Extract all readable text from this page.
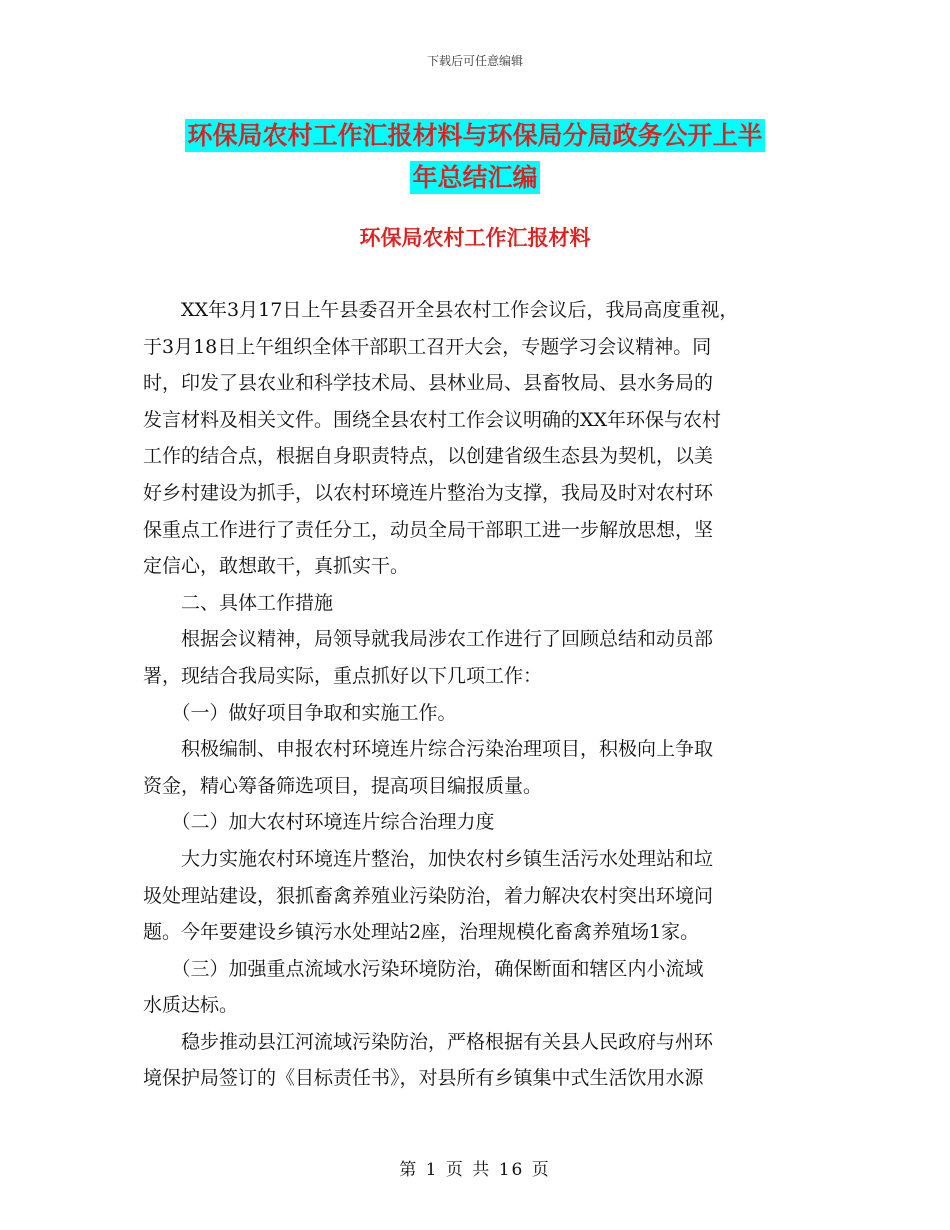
下载后可任意编辑
环保局农村工作汇报材料与环保局分局政务公开上半
年总结汇编
环保局农村工作汇报材料
　　XX年3月17日上午县委召开全县农村工作会议后，我局高度重视，
于3月18日上午组织全体干部职工召开大会，专题学习会议精神。同
时，印发了县农业和科学技术局、县林业局、县畜牧局、县水务局的
发言材料及相关文件。围绕全县农村工作会议明确的XX年环保与农村
工作的结合点，根据自身职责特点，以创建省级生态县为契机，以美
好乡村建设为抓手，以农村环境连片整治为支撑，我局及时对农村环
保重点工作进行了责任分工，动员全局干部职工进一步解放思想，坚
定信心，敢想敢干，真抓实干。
　　二、具体工作措施
　　根据会议精神，局领导就我局涉农工作进行了回顾总结和动员部
署，现结合我局实际，重点抓好以下几项工作：
　　（一）做好项目争取和实施工作。
　　积极编制、申报农村环境连片综合污染治理项目，积极向上争取
资金，精心筹备筛选项目，提高项目编报质量。
　　（二）加大农村环境连片综合治理力度
　　大力实施农村环境连片整治，加快农村乡镇生活污水处理站和垃
圾处理站建设，狠抓畜禽养殖业污染防治，着力解决农村突出环境问
题。今年要建设乡镇污水处理站2座，治理规模化畜禽养殖场1家。
　　（三）加强重点流域水污染环境防治，确保断面和辖区内小流域
水质达标。
　　稳步推动县江河流域污染防治，严格根据有关县人民政府与州环
境保护局签订的《目标责任书》，对县所有乡镇集中式生活饮用水源
第 1 页 共 16 页
